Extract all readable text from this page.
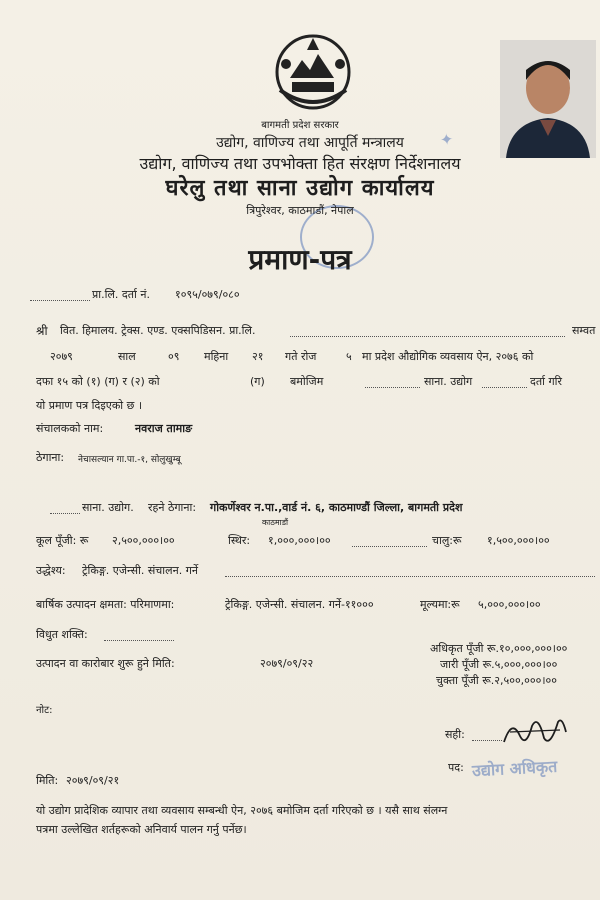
✦
बागमती प्रदेश सरकार
उद्योग, वाणिज्य तथा आपूर्ति मन्त्रालय
उद्योग, वाणिज्य तथा उपभोक्ता हित संरक्षण निर्देशनालय
घरेलु तथा साना उद्योग कार्यालय
त्रिपुरेश्वर, काठमाडौं, नेपाल
प्रमाण-पत्र
प्रा.लि. दर्ता नं. १०९५/०७९/०८०
श्री वित. हिमालय. ट्रेक्स. एण्ड. एक्सपिडिसन. प्रा.लि.	सम्वत
२०७९	साल	०९ महिना २१ गते रोज	५ मा प्रदेश औद्योगिक व्यवसाय ऐन, २०७६ को
दफा १५ को (१) (ग) र (२) को	(ग) बमोजिम	साना. उद्योग	दर्ता गरि
यो प्रमाण पत्र दिइएको छ ।
संचालकको नाम:	नवराज तामाङ
ठेगाना: नेचासल्यान गा.पा.-१, सोलुखुम्बू
साना. उद्योग. रहने ठेगाना: गोकर्णेश्वर न.पा.,वार्ड नं. ६, काठमाण्डौं जिल्ला, बागमती प्रदेश
काठमाडौं
कूल पूँजी: रू २,५००,०००।००	स्थिर: १,०००,०००।००	चालु:रू १,५००,०००।००
उद्धेश्य: ट्रेकिङ्ग. एजेन्सी. संचालन. गर्ने
बार्षिक उत्पादन क्षमता: परिमाणमा:	ट्रेकिङ्ग. एजेन्सी. संचालन. गर्ने-११०००	मूल्यमा:रू ५,०००,०००।००
विधुत शक्ति:
अधिकृत पूँजी रू.१०,०००,०००।००
जारी पूँजी रू.५,०००,०००।००
चुक्ता पूँजी रू.२,५००,०००।००
उत्पादन वा कारोबार शुरू हुने मिति:	२०७९/०९/२२
नोट:
सही:
पद: उद्योग अधिकृत
मिति: २०७९/०९/२१
यो उद्योग प्रादेशिक व्यापार तथा व्यवसाय सम्बन्धी ऐन, २०७६ बमोजिम दर्ता गरिएको छ । यसै साथ संलग्न
पत्रमा उल्लेखित शर्तहरूको अनिवार्य पालन गर्नु पर्नेछ।
